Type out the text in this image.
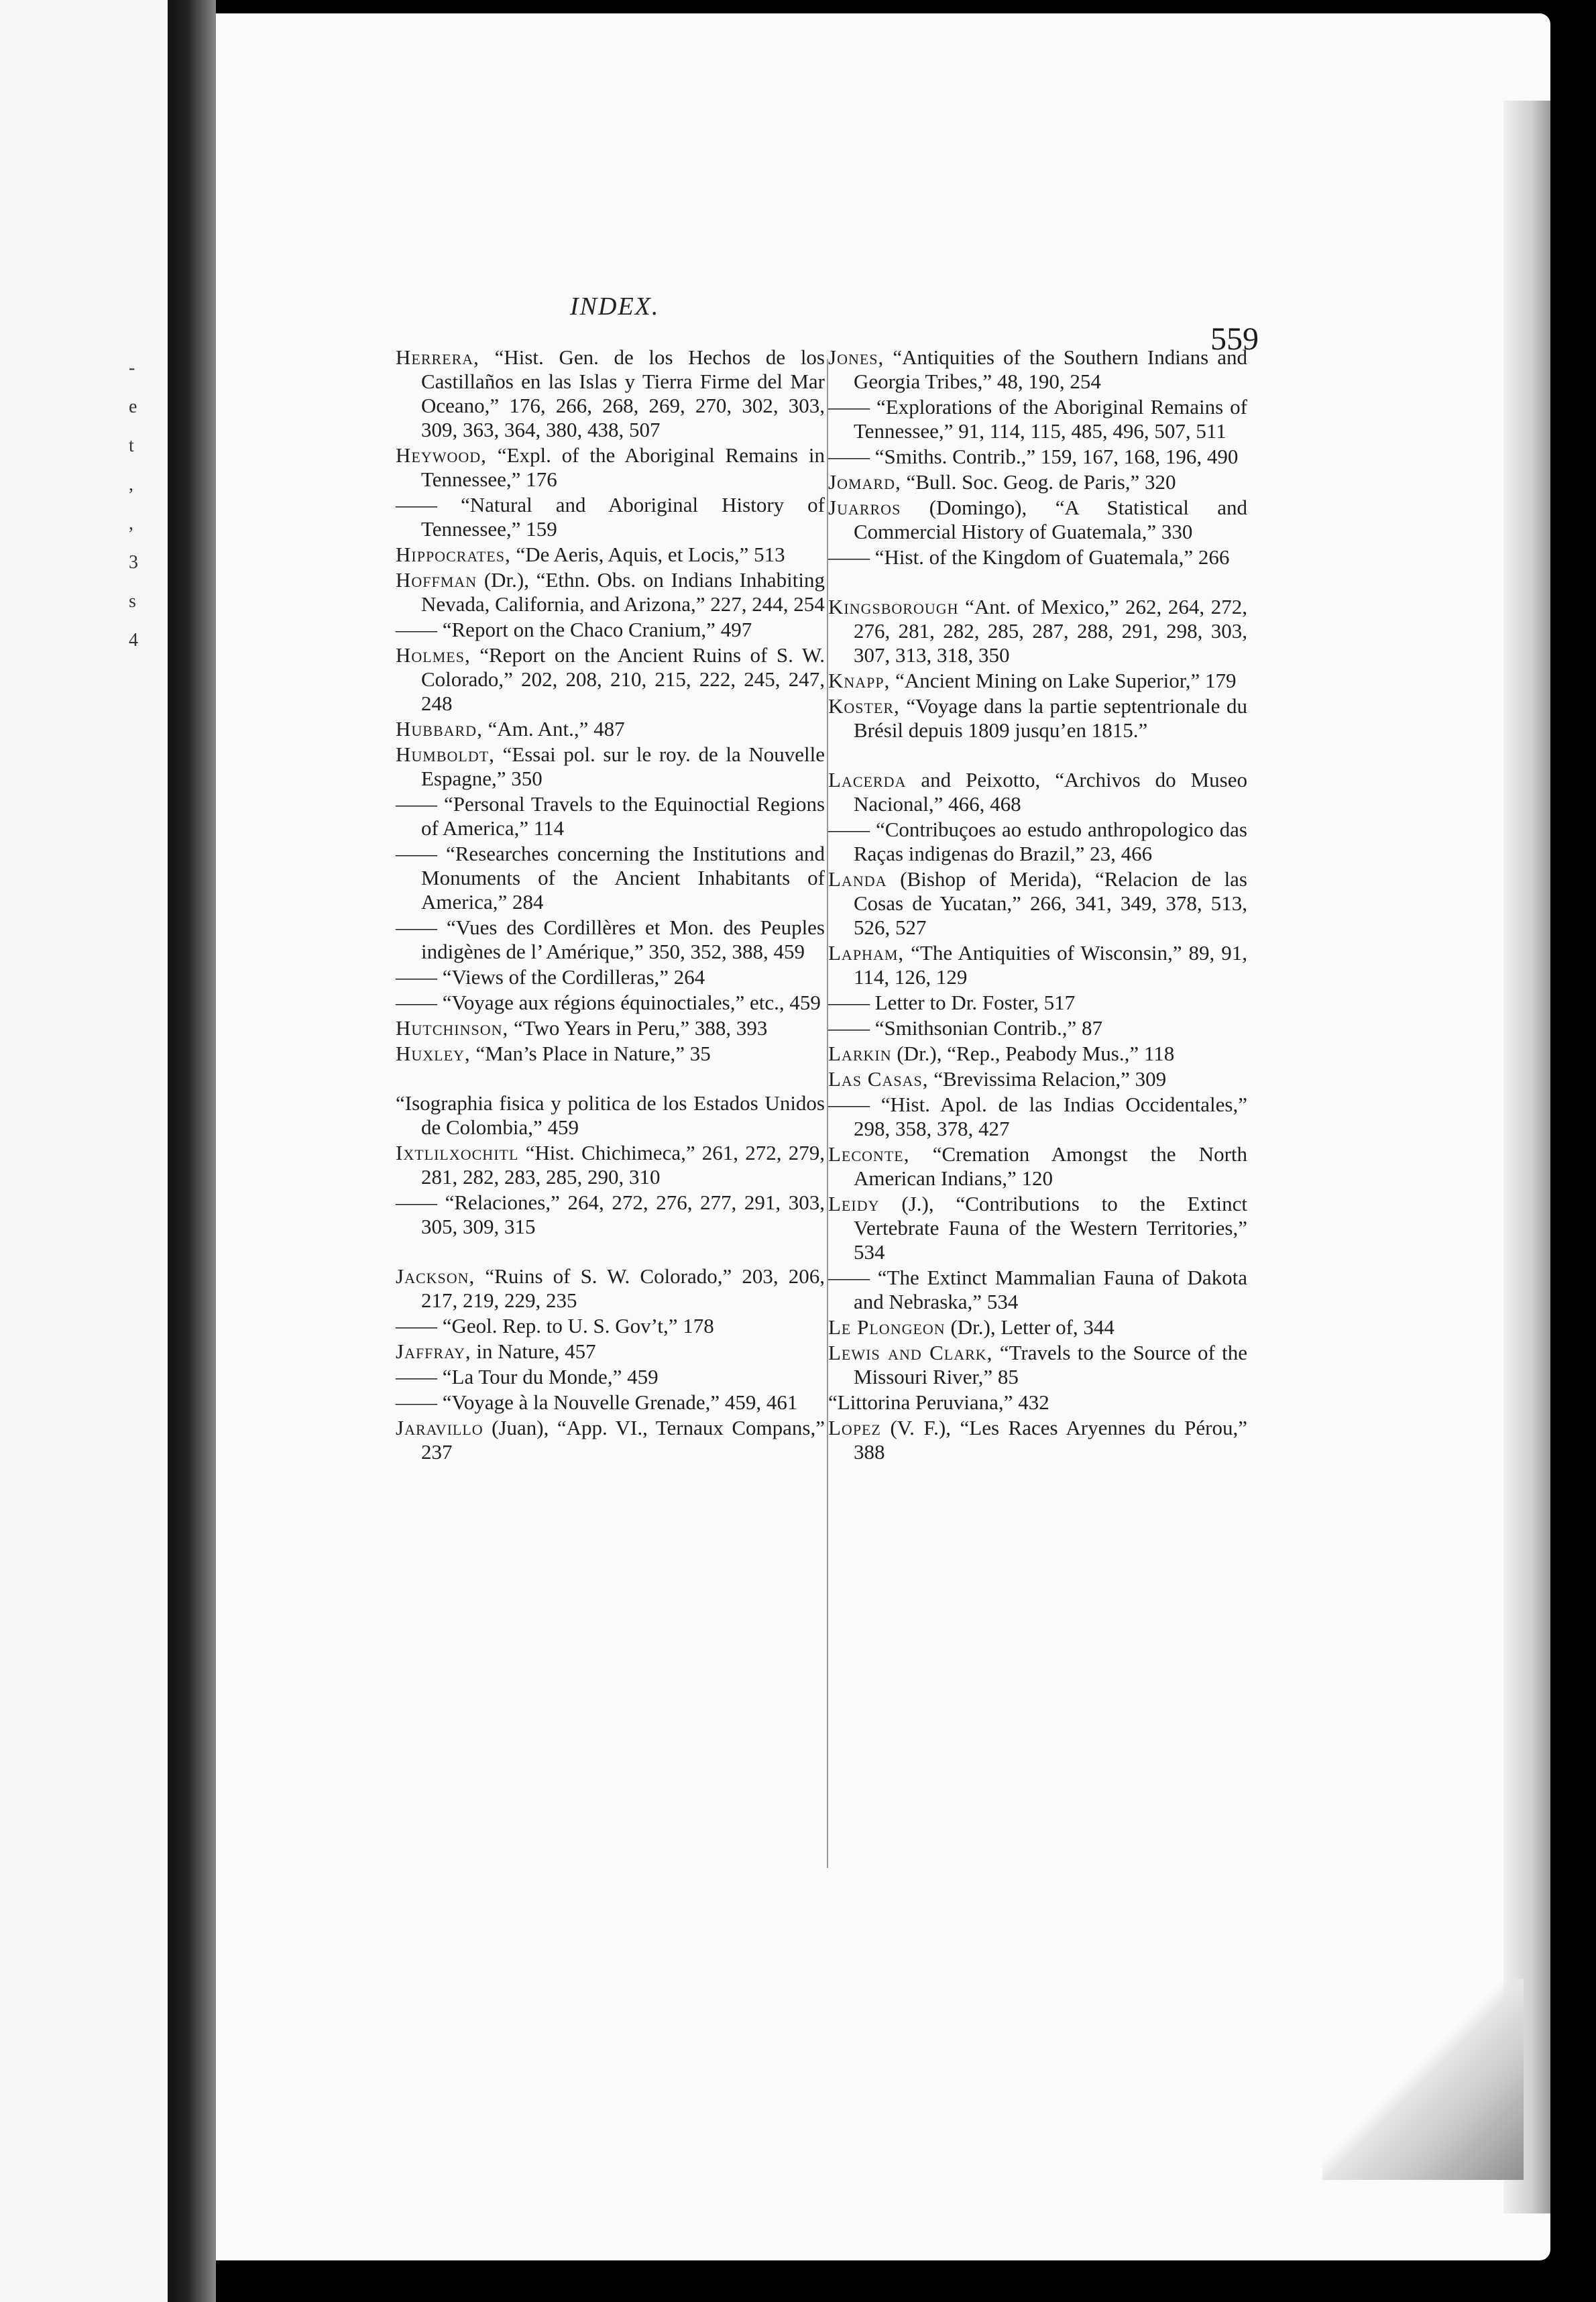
-
e
t
,
,
3
s
4
INDEX.
559
Herrera, “Hist. Gen. de los Hechos de los Castillaños en las Islas y Tierra Firme del Mar Oceano,” 176, 266, 268, 269, 270, 302, 303, 309, 363, 364, 380, 438, 507
Heywood, “Expl. of the Aboriginal Remains in Tennessee,” 176
—— “Natural and Aboriginal History of Tennessee,” 159
Hippocrates, “De Aeris, Aquis, et Locis,” 513
Hoffman (Dr.), “Ethn. Obs. on Indians Inhabiting Nevada, California, and Arizona,” 227, 244, 254
—— “Report on the Chaco Cranium,” 497
Holmes, “Report on the Ancient Ruins of S. W. Colorado,” 202, 208, 210, 215, 222, 245, 247, 248
Hubbard, “Am. Ant.,” 487
Humboldt, “Essai pol. sur le roy. de la Nouvelle Espagne,” 350
—— “Personal Travels to the Equinoctial Regions of America,” 114
—— “Researches concerning the Institutions and Monuments of the Ancient Inhabitants of America,” 284
—— “Vues des Cordillères et Mon. des Peuples indigènes de l’ Amérique,” 350, 352, 388, 459
—— “Views of the Cordilleras,” 264
—— “Voyage aux régions équinoctiales,” etc., 459
Hutchinson, “Two Years in Peru,” 388, 393
Huxley, “Man’s Place in Nature,” 35
“Isographia fisica y politica de los Estados Unidos de Colombia,” 459
Ixtlilxochitl “Hist. Chichimeca,” 261, 272, 279, 281, 282, 283, 285, 290, 310
—— “Relaciones,” 264, 272, 276, 277, 291, 303, 305, 309, 315
Jackson, “Ruins of S. W. Colorado,” 203, 206, 217, 219, 229, 235
—— “Geol. Rep. to U. S. Gov’t,” 178
Jaffray, in Nature, 457
—— “La Tour du Monde,” 459
—— “Voyage à la Nouvelle Grenade,” 459, 461
Jaravillo (Juan), “App. VI., Ternaux Compans,” 237
Jones, “Antiquities of the Southern Indians and Georgia Tribes,” 48, 190, 254
—— “Explorations of the Aboriginal Remains of Tennessee,” 91, 114, 115, 485, 496, 507, 511
—— “Smiths. Contrib.,” 159, 167, 168, 196, 490
Jomard, “Bull. Soc. Geog. de Paris,” 320
Juarros (Domingo), “A Statistical and Commercial History of Guatemala,” 330
—— “Hist. of the Kingdom of Guatemala,” 266
Kingsborough “Ant. of Mexico,” 262, 264, 272, 276, 281, 282, 285, 287, 288, 291, 298, 303, 307, 313, 318, 350
Knapp, “Ancient Mining on Lake Superior,” 179
Koster, “Voyage dans la partie septentrionale du Brésil depuis 1809 jusqu’en 1815.”
Lacerda and Peixotto, “Archivos do Museo Nacional,” 466, 468
—— “Contribuçoes ao estudo anthropologico das Raças indigenas do Brazil,” 23, 466
Landa (Bishop of Merida), “Relacion de las Cosas de Yucatan,” 266, 341, 349, 378, 513, 526, 527
Lapham, “The Antiquities of Wisconsin,” 89, 91, 114, 126, 129
—— Letter to Dr. Foster, 517
—— “Smithsonian Contrib.,” 87
Larkin (Dr.), “Rep., Peabody Mus.,” 118
Las Casas, “Brevissima Relacion,” 309
—— “Hist. Apol. de las Indias Occidentales,” 298, 358, 378, 427
Leconte, “Cremation Amongst the North American Indians,” 120
Leidy (J.), “Contributions to the Extinct Vertebrate Fauna of the Western Territories,” 534
—— “The Extinct Mammalian Fauna of Dakota and Nebraska,” 534
Le Plongeon (Dr.), Letter of, 344
Lewis and Clark, “Travels to the Source of the Missouri River,” 85
“Littorina Peruviana,” 432
Lopez (V. F.), “Les Races Aryennes du Pérou,” 388
